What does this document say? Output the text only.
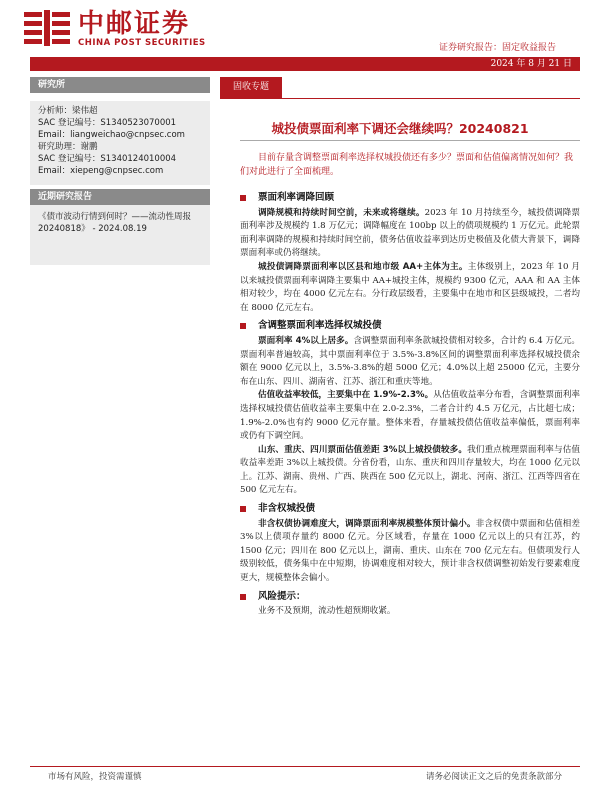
中邮证券
CHINA POST SECURITIES	证券研究报告：固定收益报告
2024 年 8 月 21 日
研究所
分析师：梁伟超
SAC 登记编号：S1340523070001
Email：liangweichao@cnpsec.com
研究助理：谢鹏
SAC 登记编号：S1340124010004
Email：xiepeng@cnpsec.com
近期研究报告

《债市波动行情到何时？——流动性周报 20240818》 - 2024.08.19

固收专题
城投债票面利率下调还会继续吗？20240821
目前存量含调整票面利率选择权城投债还有多少？票面和估值偏离情况如何？我们对此进行了全面梳理。
票面利率调降回顾

调降规模和持续时间空前，未来或将继续。2023 年 10 月持续至今，城投债调降票面利率涉及规模约 1.8 万亿元；调降幅度在 100bp 以上的债项规模约 1 万亿元。此轮票面利率调降的规模和持续时间空前，债务估值收益率到达历史极值及化债大背景下，调降票面利率或仍将继续。

城投债调降票面利率以区县和地市级 AA+主体为主。主体级别上，2023 年 10 月以来城投债票面利率调降主要集中 AA+城投主体，规模约 9300 亿元，AAA 和 AA 主体相对较少，均在 4000 亿元左右。分行政层级看，主要集中在地市和区县级城投，二者均在 8000 亿元左右。

含调整票面利率选择权城投债

票面利率 4%以上居多。含调整票面利率条款城投债相对较多，合计约 6.4 万亿元。票面利率普遍较高，其中票面利率位于 3.5%-3.8%区间的调整票面利率选择权城投债余额在 9000 亿元以上，3.5%-3.8%的超 5000 亿元；4.0%以上超 25000 亿元，主要分布在山东、四川、湖南省、江苏、浙江和重庆等地。

估值收益率较低，主要集中在 1.9%-2.3%。从估值收益率分布看，含调整票面利率选择权城投债估值收益率主要集中在 2.0-2.3%，二者合计约 4.5 万亿元，占比超七成；1.9%-2.0%也有约 9000 亿元存量。整体来看，存量城投债估值收益率偏低，票面利率或仍有下调空间。

山东、重庆、四川票面估值差距 3%以上城投债较多。我们重点梳理票面利率与估值收益率差距 3%以上城投债。分省份看，山东、重庆和四川存量较大，均在 1000 亿元以上。江苏、湖南、贵州、广西、陕西在 500 亿元以上，湖北、河南、浙江、江西等四省在 500 亿元左右。

非含权城投债

非含权债协调难度大，调降票面利率规模整体预计偏小。非含权债中票面和估值相差 3%以上债项存量约 8000 亿元。分区域看，存量在 1000 亿元以上的只有江苏，约 1500 亿元；四川在 800 亿元以上，湖南、重庆、山东在 700 亿元左右。但债项发行人级别较低，债务集中在中短期，协调难度相对较大，预计非含权债调整初始发行要素难度更大，规模整体会偏小。

风险提示：

业务不及预期，流动性超预期收紧。

市场有风险，投资需谨慎	请务必阅读正文之后的免责条款部分
